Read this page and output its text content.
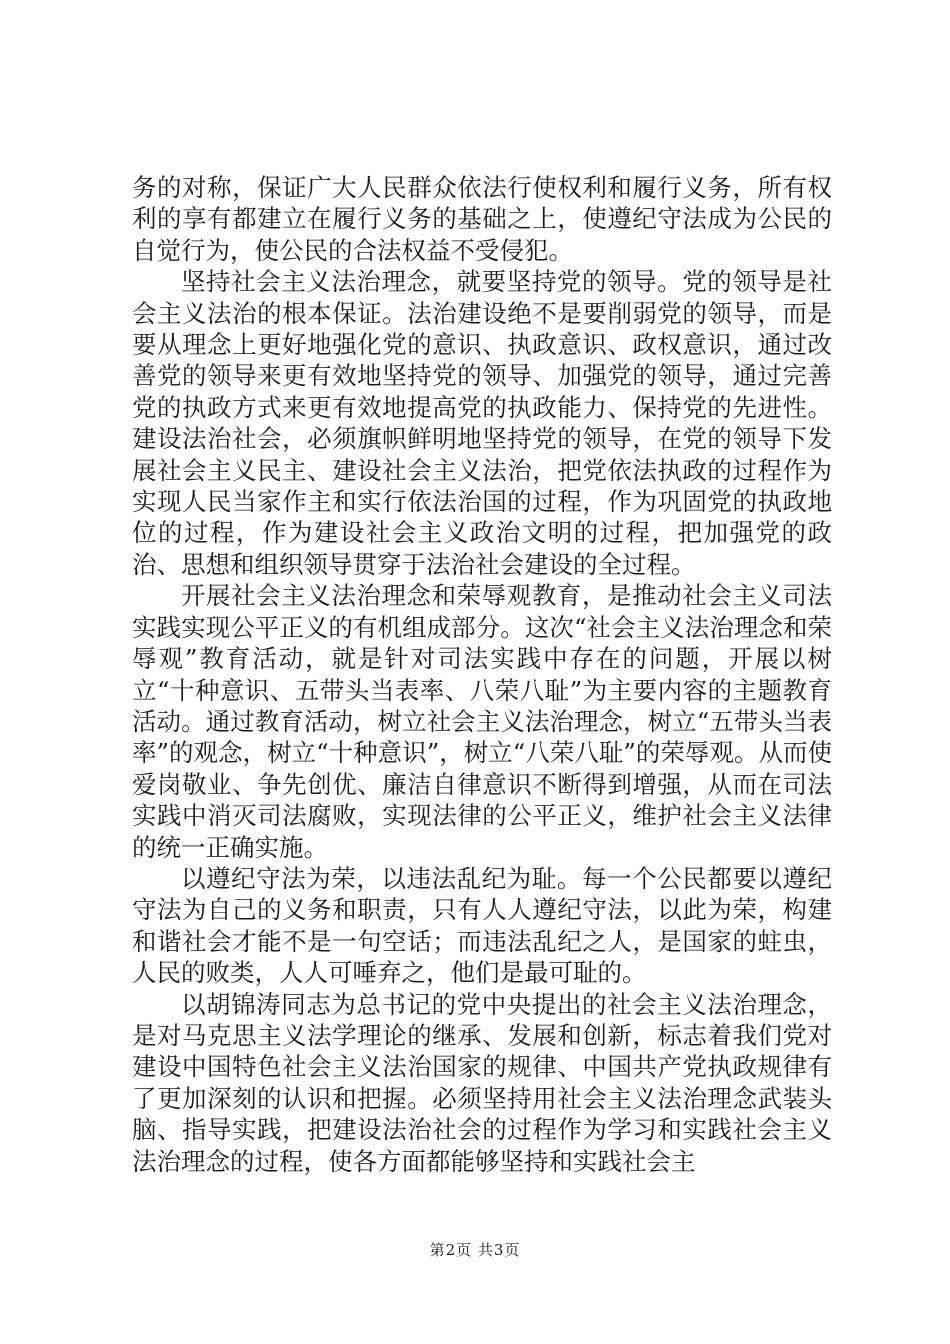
务的对称，保证广大人民群众依法行使权利和履行义务，所有权利的享有都建立在履行义务的基础之上，使遵纪守法成为公民的自觉行为，使公民的合法权益不受侵犯。

坚持社会主义法治理念，就要坚持党的领导。党的领导是社会主义法治的根本保证。法治建设绝不是要削弱党的领导，而是要从理念上更好地强化党的意识、执政意识、政权意识，通过改善党的领导来更有效地坚持党的领导、加强党的领导，通过完善党的执政方式来更有效地提高党的执政能力、保持党的先进性。建设法治社会，必须旗帜鲜明地坚持党的领导，在党的领导下发展社会主义民主、建设社会主义法治，把党依法执政的过程作为实现人民当家作主和实行依法治国的过程，作为巩固党的执政地位的过程，作为建设社会主义政治文明的过程，把加强党的政治、思想和组织领导贯穿于法治社会建设的全过程。

开展社会主义法治理念和荣辱观教育，是推动社会主义司法实践实现公平正义的有机组成部分。这次“社会主义法治理念和荣辱观”教育活动，就是针对司法实践中存在的问题，开展以树立“十种意识、五带头当表率、八荣八耻”为主要内容的主题教育活动。通过教育活动，树立社会主义法治理念，树立“五带头当表率”的观念，树立“十种意识”，树立“八荣八耻”的荣辱观。从而使爱岗敬业、争先创优、廉洁自律意识不断得到增强，从而在司法实践中消灭司法腐败，实现法律的公平正义，维护社会主义法律的统一正确实施。

以遵纪守法为荣，以违法乱纪为耻。每一个公民都要以遵纪守法为自己的义务和职责，只有人人遵纪守法，以此为荣，构建和谐社会才能不是一句空话；而违法乱纪之人，是国家的蛀虫，人民的败类，人人可唾弃之，他们是最可耻的。

以胡锦涛同志为总书记的党中央提出的社会主义法治理念，是对马克思主义法学理论的继承、发展和创新，标志着我们党对建设中国特色社会主义法治国家的规律、中国共产党执政规律有了更加深刻的认识和把握。必须坚持用社会主义法治理念武装头脑、指导实践，把建设法治社会的过程作为学习和实践社会主义法治理念的过程，使各方面都能够坚持和实践社会主

第2页 共3页
